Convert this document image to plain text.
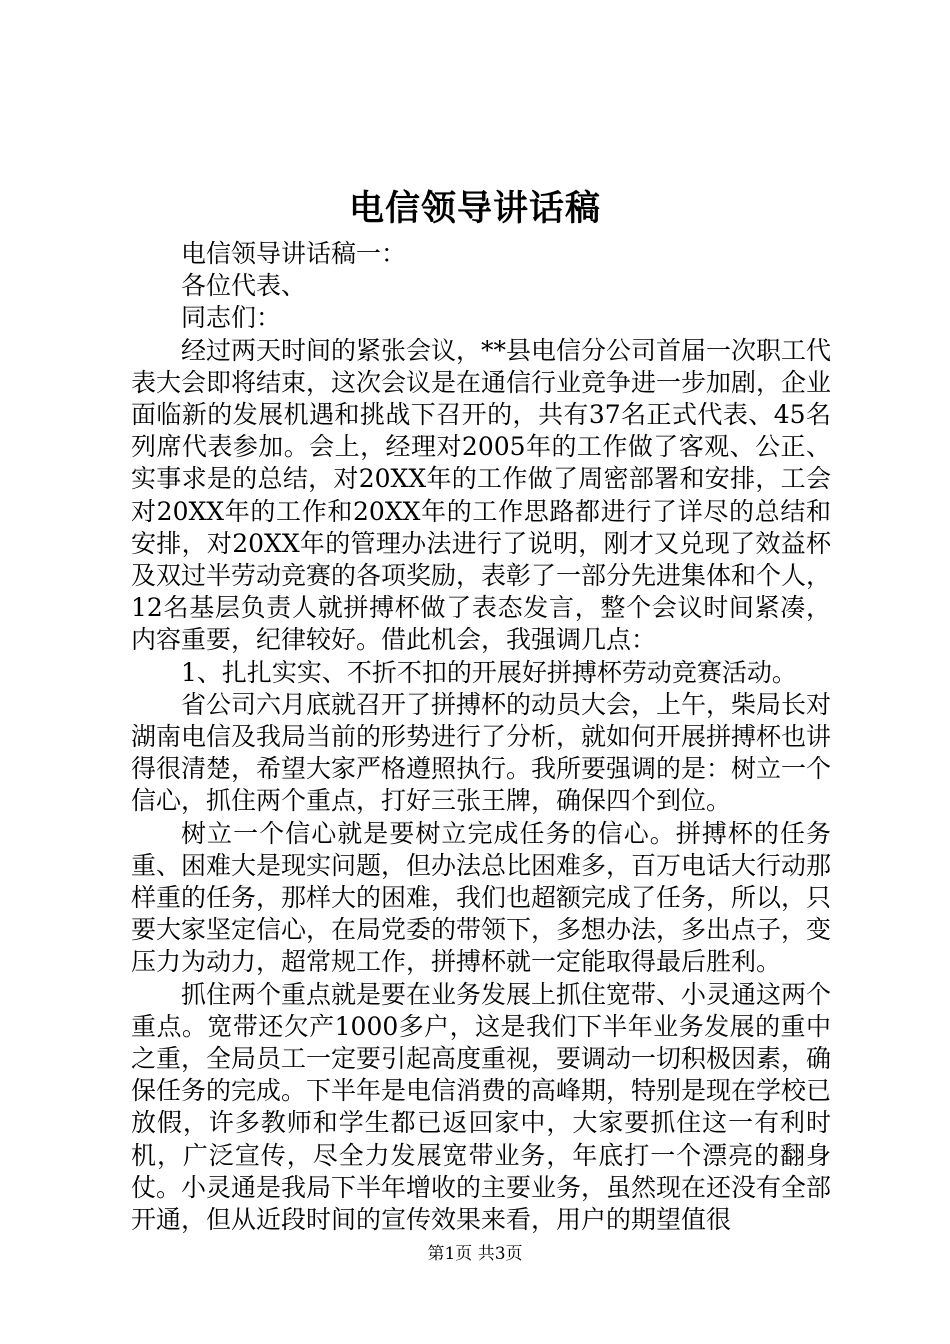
电信领导讲话稿

电信领导讲话稿一：

各位代表、

同志们：

经过两天时间的紧张会议，**县电信分公司首届一次职工代表大会即将结束，这次会议是在通信行业竞争进一步加剧，企业面临新的发展机遇和挑战下召开的，共有37名正式代表、45名列席代表参加。会上，经理对2005年的工作做了客观、公正、实事求是的总结，对20XX年的工作做了周密部署和安排，工会对20XX年的工作和20XX年的工作思路都进行了详尽的总结和安排，对20XX年的管理办法进行了说明，刚才又兑现了效益杯及双过半劳动竞赛的各项奖励，表彰了一部分先进集体和个人，12名基层负责人就拼搏杯做了表态发言，整个会议时间紧凑，内容重要，纪律较好。借此机会，我强调几点：

1、扎扎实实、不折不扣的开展好拼搏杯劳动竞赛活动。

省公司六月底就召开了拼搏杯的动员大会，上午，柴局长对湖南电信及我局当前的形势进行了分析，就如何开展拼搏杯也讲得很清楚，希望大家严格遵照执行。我所要强调的是：树立一个信心，抓住两个重点，打好三张王牌，确保四个到位。

树立一个信心就是要树立完成任务的信心。拼搏杯的任务重、困难大是现实问题，但办法总比困难多，百万电话大行动那样重的任务，那样大的困难，我们也超额完成了任务，所以，只要大家坚定信心，在局党委的带领下，多想办法，多出点子，变压力为动力，超常规工作，拼搏杯就一定能取得最后胜利。

抓住两个重点就是要在业务发展上抓住宽带、小灵通这两个重点。宽带还欠产1000多户，这是我们下半年业务发展的重中之重，全局员工一定要引起高度重视，要调动一切积极因素，确保任务的完成。下半年是电信消费的高峰期，特别是现在学校已放假，许多教师和学生都已返回家中，大家要抓住这一有利时机，广泛宣传，尽全力发展宽带业务，年底打一个漂亮的翻身仗。小灵通是我局下半年增收的主要业务，虽然现在还没有全部开通，但从近段时间的宣传效果来看，用户的期望值很

第1页 共3页
